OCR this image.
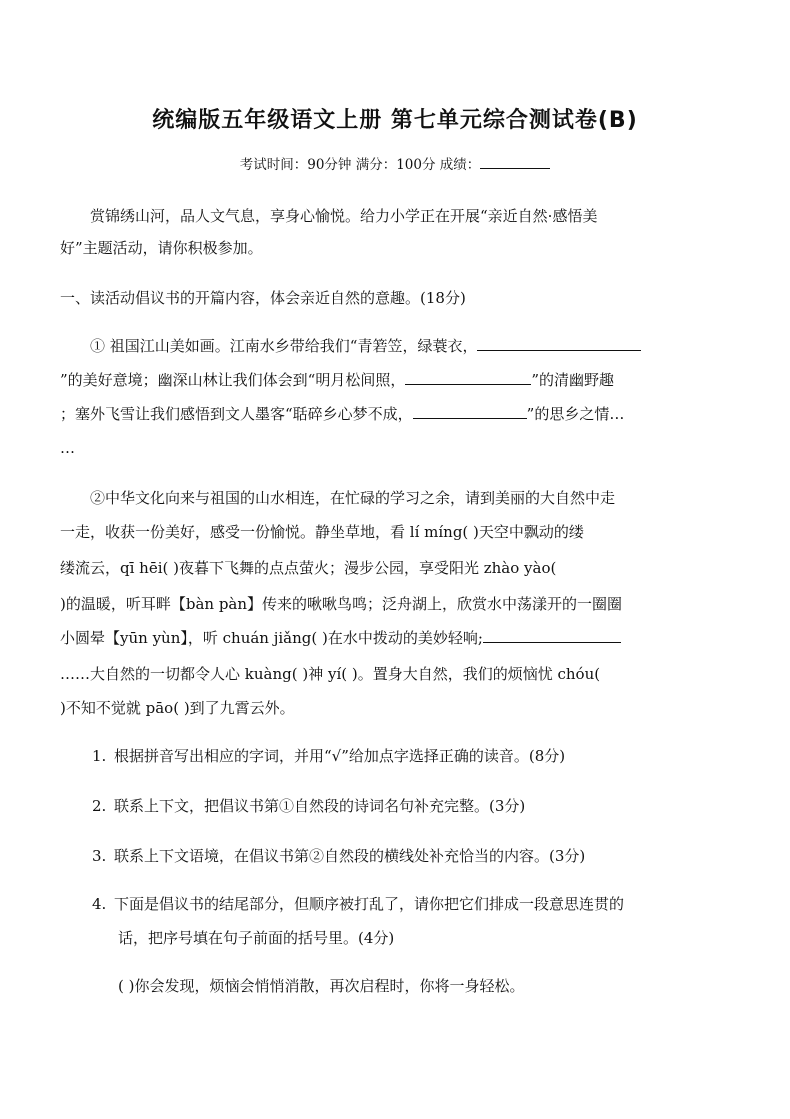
统编版五年级语文上册 第七单元综合测试卷(B)
考试时间：90分钟 满分：100分 成绩：
赏锦绣山河，品人文气息，享身心愉悦。给力小学正在开展“亲近自然·感悟美
好”主题活动，请你积极参加。
一、读活动倡议书的开篇内容，体会亲近自然的意趣。(18分)
① 祖国江山美如画。江南水乡带给我们“青箬笠，绿蓑衣，
”的美好意境；幽深山林让我们体会到“明月松间照，	”的清幽野趣
；塞外飞雪让我们感悟到文人墨客“聒碎乡心梦不成，	”的思乡之情…
…
②中华文化向来与祖国的山水相连，在忙碌的学习之余，请到美丽的大自然中走
一走，收获一份美好，感受一份愉悦。静坐草地，看 lí míng( )天空中飘动的缕
缕流云，qī hēi( )夜暮下飞舞的点点萤火；漫步公园，享受阳光 zhào yào(
)的温暖，听耳畔【bàn pàn】传来的啾啾鸟鸣；泛舟湖上，欣赏水中荡漾开的一圈圈
小圆晕【yūn yùn】，听 chuán jiǎng( )在水中拨动的美妙轻响;
……大自然的一切都令人心 kuàng( )神 yí( )。置身大自然，我们的烦恼忧 chóu(
)不知不觉就 pāo( )到了九霄云外。
1. 根据拼音写出相应的字词，并用“√”给加点字选择正确的读音。(8分)
2. 联系上下文，把倡议书第①自然段的诗词名句补充完整。(3分)
3. 联系上下文语境，在倡议书第②自然段的横线处补充恰当的内容。(3分)
4. 下面是倡议书的结尾部分，但顺序被打乱了，请你把它们排成一段意思连贯的
话，把序号填在句子前面的括号里。(4分)
( )你会发现，烦恼会悄悄消散，再次启程时，你将一身轻松。
